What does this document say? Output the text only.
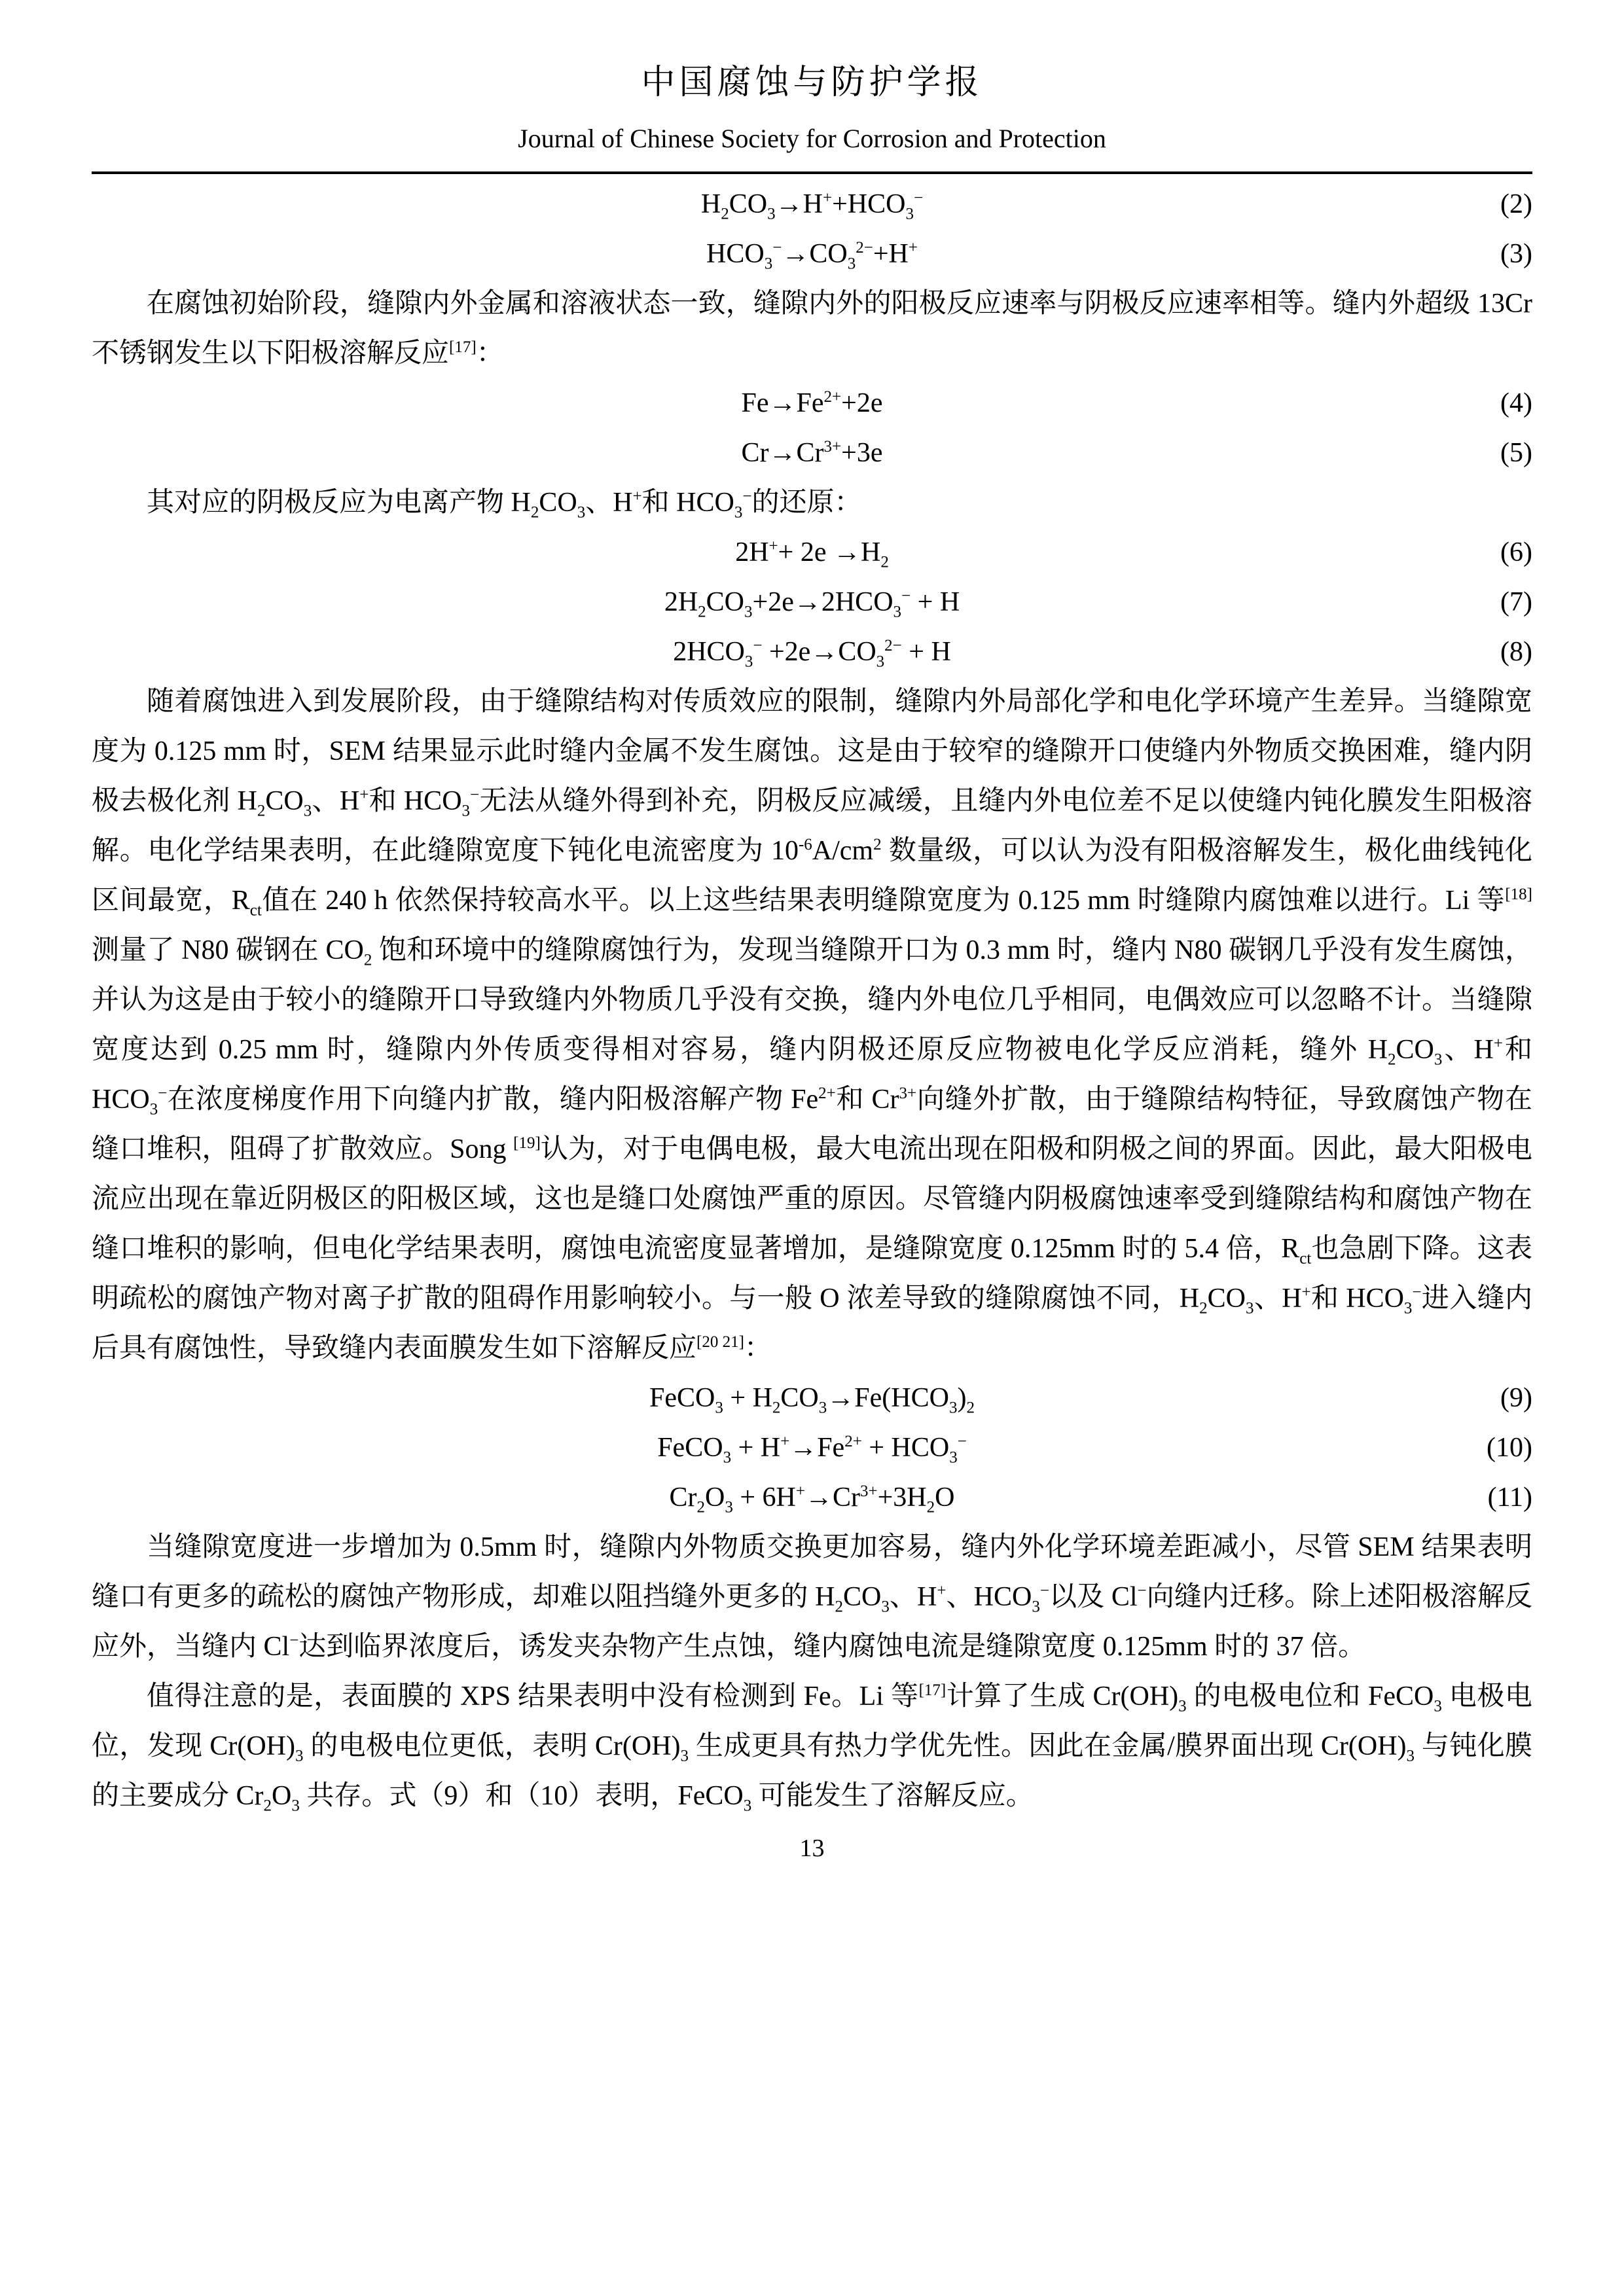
中国腐蚀与防护学报
Journal of Chinese Society for Corrosion and Protection
$H_2CO_3\to H^++HCO_3^-$	(2)
$HCO_3^-\to CO_3^{2-}+H^+$	(3)

在腐蚀初始阶段，缝隙内外金属和溶液状态一致，缝隙内外的阳极反应速率与阴极反应速率相等。缝内外超级 13Cr 不锈钢发生以下阳极溶解反应[17]：

$Fe\to Fe^{2+}+2e$	(4)
$Cr\to Cr^{3+}+3e$	(5)

其对应的阴极反应为电离产物 $H_2CO_3$、H+和 $HCO_3^-$的还原：

$2H^++ 2e \to H_2$	(6)
$2H_2CO_3+2e\to 2HCO_3^- + H$	(7)
$2HCO_3^- +2e\to CO_3^{2-} + H$	(8)

随着腐蚀进入到发展阶段，由于缝隙结构对传质效应的限制，缝隙内外局部化学和电化学环境产生差异。当缝隙宽度为 0.125 mm 时，SEM 结果显示此时缝内金属不发生腐蚀。这是由于较窄的缝隙开口使缝内外物质交换困难，缝内阴极去极化剂 $H_2CO_3$、H+和 $HCO_3^-$无法从缝外得到补充，阴极反应减缓，且缝内外电位差不足以使缝内钝化膜发生阳极溶解。电化学结果表明，在此缝隙宽度下钝化电流密度为 $10^{-6}A/cm^2$ 数量级，可以认为没有阳极溶解发生，极化曲线钝化区间最宽，$R_{ct}$值在 240 h 依然保持较高水平。以上这些结果表明缝隙宽度为 0.125 mm 时缝隙内腐蚀难以进行。Li 等[18]测量了 N80 碳钢在 $CO_2$ 饱和环境中的缝隙腐蚀行为，发现当缝隙开口为 0.3 mm 时，缝内 N80 碳钢几乎没有发生腐蚀，并认为这是由于较小的缝隙开口导致缝内外物质几乎没有交换，缝内外电位几乎相同，电偶效应可以忽略不计。当缝隙宽度达到 0.25 mm 时，缝隙内外传质变得相对容易，缝内阴极还原反应物被电化学反应消耗，缝外 $H_2CO_3$、H+和 $HCO_3^-$在浓度梯度作用下向缝内扩散，缝内阳极溶解产物 $Fe^{2+}$和 $Cr^{3+}$向缝外扩散，由于缝隙结构特征，导致腐蚀产物在缝口堆积，阻碍了扩散效应。Song [19]认为，对于电偶电极，最大电流出现在阳极和阴极之间的界面。因此，最大阳极电流应出现在靠近阴极区的阳极区域，这也是缝口处腐蚀严重的原因。尽管缝内阴极腐蚀速率受到缝隙结构和腐蚀产物在缝口堆积的影响，但电化学结果表明，腐蚀电流密度显著增加，是缝隙宽度 0.125mm 时的 5.4 倍，$R_{ct}$也急剧下降。这表明疏松的腐蚀产物对离子扩散的阻碍作用影响较小。与一般 O 浓差导致的缝隙腐蚀不同，$H_2CO_3$、H+和 $HCO_3^-$进入缝内后具有腐蚀性，导致缝内表面膜发生如下溶解反应[20 21]：

FeCO$_3$ + $H_2CO_3\to Fe(HCO_3)_2$	(9)
FeCO$_3$ + $H^+\to Fe^{2+} + HCO_3^-$	(10)
$Cr_2O_3 + 6H^+\to Cr^{3+}+3H_2O$	(11)

当缝隙宽度进一步增加为 0.5mm 时，缝隙内外物质交换更加容易，缝内外化学环境差距减小，尽管 SEM 结果表明缝口有更多的疏松的腐蚀产物形成，却难以阻挡缝外更多的 $H_2CO_3$、H+、$HCO_3^-$以及 Cl−向缝内迁移。除上述阳极溶解反应外，当缝内 Cl−达到临界浓度后，诱发夹杂物产生点蚀，缝内腐蚀电流是缝隙宽度 0.125mm 时的 37 倍。

值得注意的是，表面膜的 XPS 结果表明中没有检测到 Fe。Li 等[17]计算了生成 $Cr(OH)_3$ 的电极电位和 FeCO$_3$ 电极电位，发现 $Cr(OH)_3$ 的电极电位更低，表明 $Cr(OH)_3$ 生成更具有热力学优先性。因此在金属/膜界面出现 $Cr(OH)_3$ 与钝化膜的主要成分 $Cr_2O_3$ 共存。式（9）和（10）表明，FeCO$_3$ 可能发生了溶解反应。

13
